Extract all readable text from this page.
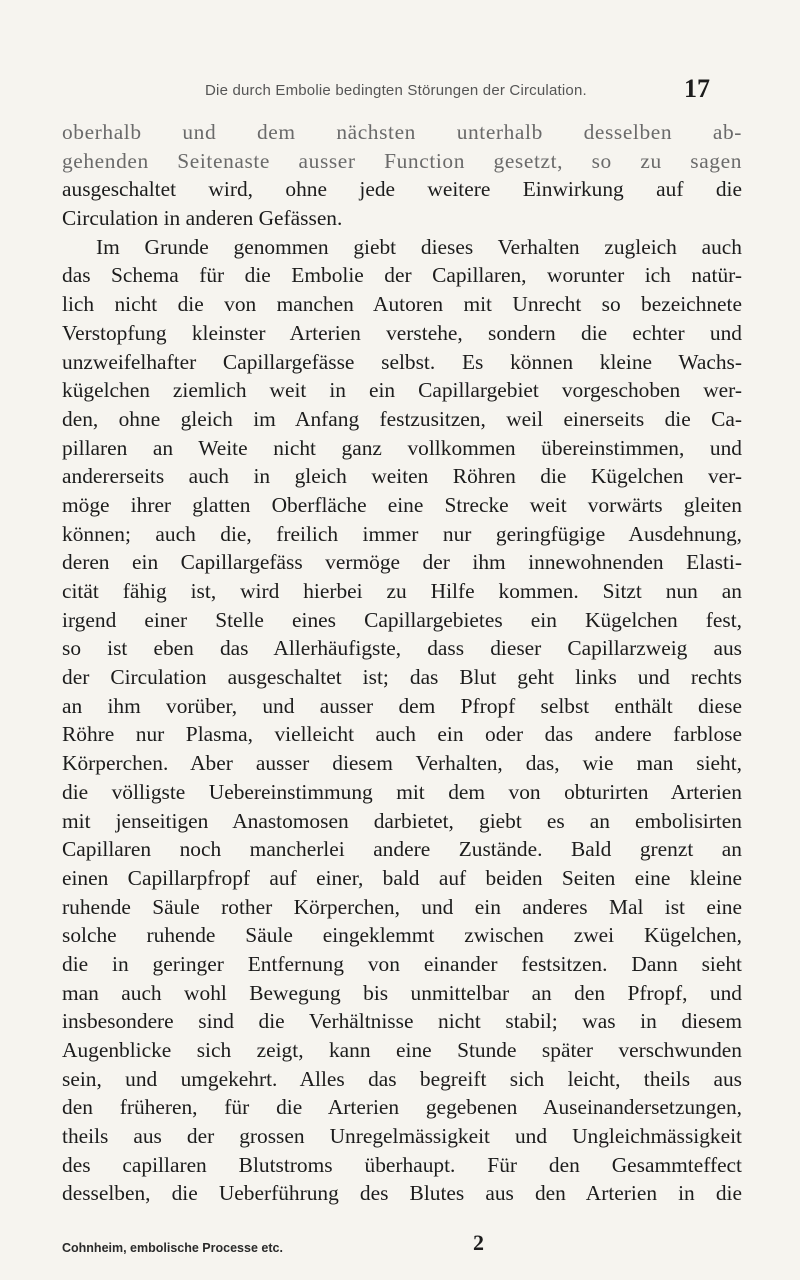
Die durch Embolie bedingten Störungen der Circulation.	17
oberhalb und dem nächsten unterhalb desselben ab-
gehenden Seitenaste ausser Function gesetzt, so zu sagen
ausgeschaltet wird, ohne jede weitere Einwirkung auf die
Circulation in anderen Gefässen.
Im Grunde genommen giebt dieses Verhalten zugleich auch
das Schema für die Embolie der Capillaren, worunter ich natür-
lich nicht die von manchen Autoren mit Unrecht so bezeichnete
Verstopfung kleinster Arterien verstehe, sondern die echter und
unzweifelhafter Capillargefässe selbst. Es können kleine Wachs-
kügelchen ziemlich weit in ein Capillargebiet vorgeschoben wer-
den, ohne gleich im Anfang festzusitzen, weil einerseits die Ca-
pillaren an Weite nicht ganz vollkommen übereinstimmen, und
andererseits auch in gleich weiten Röhren die Kügelchen ver-
möge ihrer glatten Oberfläche eine Strecke weit vorwärts gleiten
können; auch die, freilich immer nur geringfügige Ausdehnung,
deren ein Capillargefäss vermöge der ihm innewohnenden Elasti-
cität fähig ist, wird hierbei zu Hilfe kommen. Sitzt nun an
irgend einer Stelle eines Capillargebietes ein Kügelchen fest,
so ist eben das Allerhäufigste, dass dieser Capillarzweig aus
der Circulation ausgeschaltet ist; das Blut geht links und rechts
an ihm vorüber, und ausser dem Pfropf selbst enthält diese
Röhre nur Plasma, vielleicht auch ein oder das andere farblose
Körperchen. Aber ausser diesem Verhalten, das, wie man sieht,
die völligste Uebereinstimmung mit dem von obturirten Arterien
mit jenseitigen Anastomosen darbietet, giebt es an embolisirten
Capillaren noch mancherlei andere Zustände. Bald grenzt an
einen Capillarpfropf auf einer, bald auf beiden Seiten eine kleine
ruhende Säule rother Körperchen, und ein anderes Mal ist eine
solche ruhende Säule eingeklemmt zwischen zwei Kügelchen,
die in geringer Entfernung von einander festsitzen. Dann sieht
man auch wohl Bewegung bis unmittelbar an den Pfropf, und
insbesondere sind die Verhältnisse nicht stabil; was in diesem
Augenblicke sich zeigt, kann eine Stunde später verschwunden
sein, und umgekehrt. Alles das begreift sich leicht, theils aus
den früheren, für die Arterien gegebenen Auseinandersetzungen,
theils aus der grossen Unregelmässigkeit und Ungleichmässigkeit
des capillaren Blutstroms überhaupt. Für den Gesammteffect
desselben, die Ueberführung des Blutes aus den Arterien in die
Cohnheim, embolische Processe etc.	2
